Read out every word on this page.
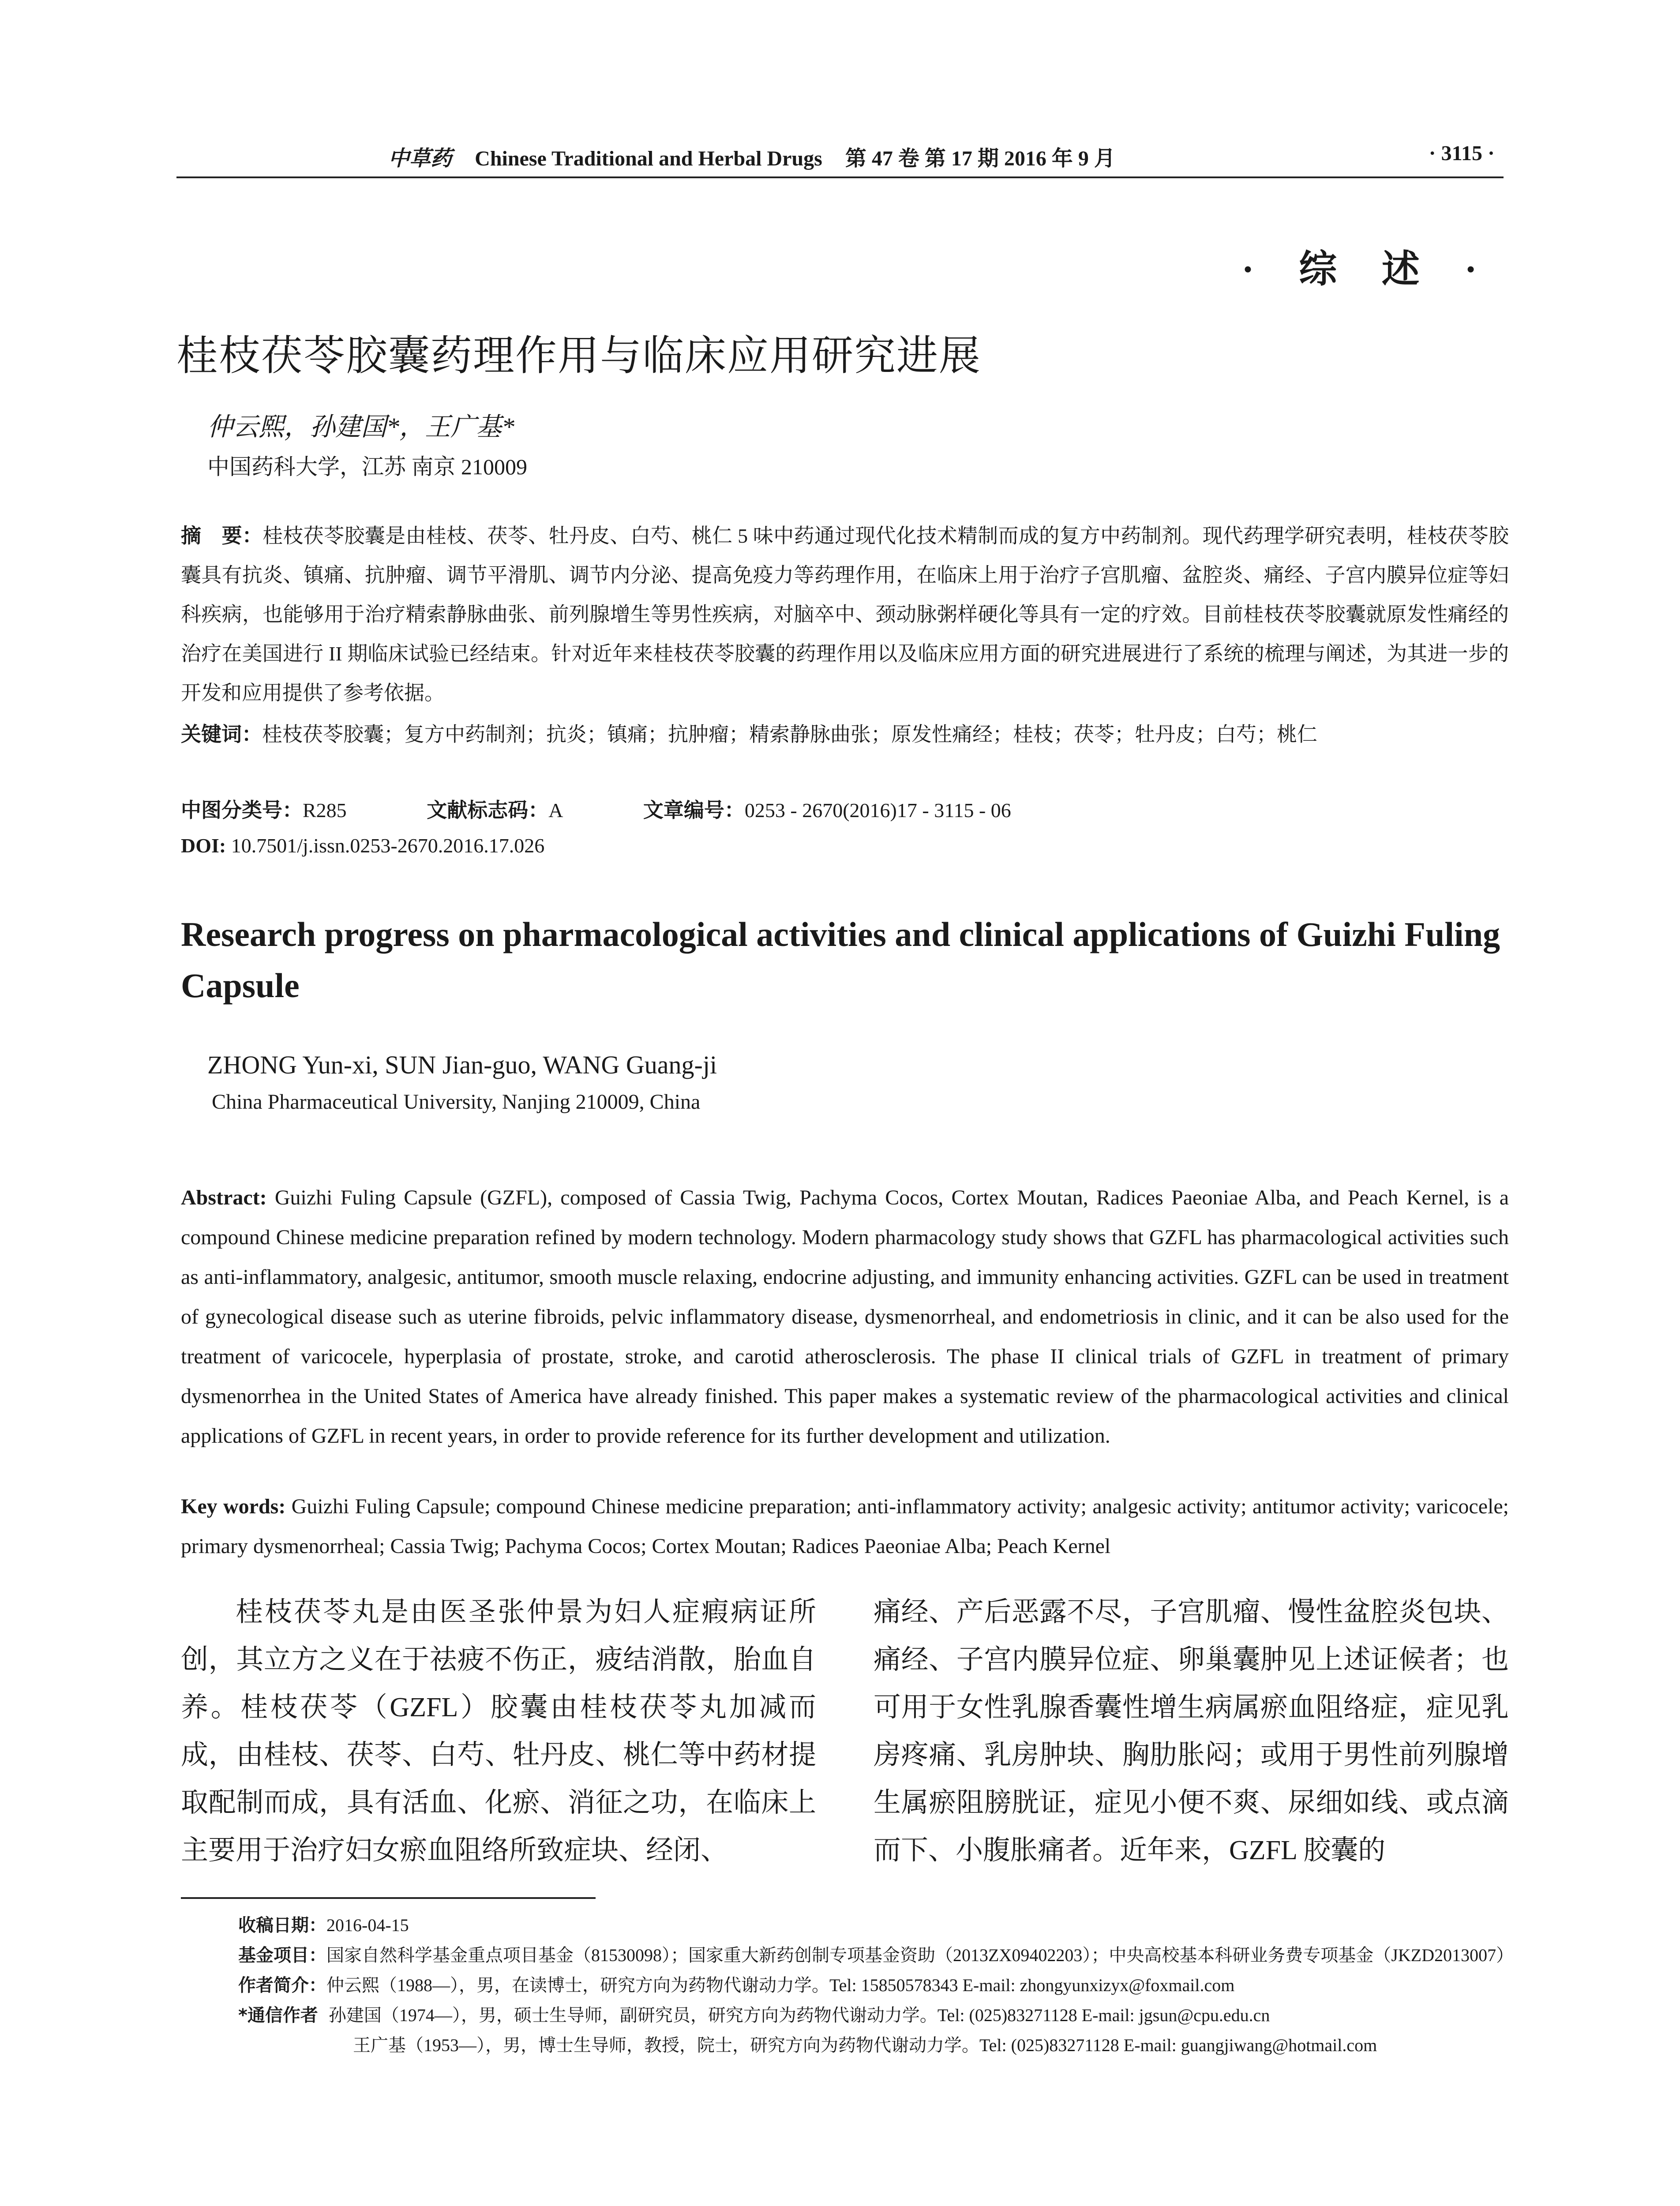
中草药 Chinese Traditional and Herbal Drugs 第 47 卷 第 17 期 2016 年 9 月	· 3115 ·
· 综 述 ·
桂枝茯苓胶囊药理作用与临床应用研究进展
仲云熙，孙建国*，王广基*
中国药科大学，江苏 南京 210009
摘　要：桂枝茯苓胶囊是由桂枝、茯苓、牡丹皮、白芍、桃仁 5 味中药通过现代化技术精制而成的复方中药制剂。现代药理学研究表明，桂枝茯苓胶囊具有抗炎、镇痛、抗肿瘤、调节平滑肌、调节内分泌、提高免疫力等药理作用，在临床上用于治疗子宫肌瘤、盆腔炎、痛经、子宫内膜异位症等妇科疾病，也能够用于治疗精索静脉曲张、前列腺增生等男性疾病，对脑卒中、颈动脉粥样硬化等具有一定的疗效。目前桂枝茯苓胶囊就原发性痛经的治疗在美国进行 II 期临床试验已经结束。针对近年来桂枝茯苓胶囊的药理作用以及临床应用方面的研究进展进行了系统的梳理与阐述，为其进一步的开发和应用提供了参考依据。
关键词：桂枝茯苓胶囊；复方中药制剂；抗炎；镇痛；抗肿瘤；精索静脉曲张；原发性痛经；桂枝；茯苓；牡丹皮；白芍；桃仁
中图分类号：R285	文献标志码：A	文章编号：0253 - 2670(2016)17 - 3115 - 06
DOI: 10.7501/j.issn.0253-2670.2016.17.026
Research progress on pharmacological activities and clinical applications of Guizhi Fuling Capsule
ZHONG Yun-xi, SUN Jian-guo, WANG Guang-ji
China Pharmaceutical University, Nanjing 210009, China
Abstract: Guizhi Fuling Capsule (GZFL), composed of Cassia Twig, Pachyma Cocos, Cortex Moutan, Radices Paeoniae Alba, and Peach Kernel, is a compound Chinese medicine preparation refined by modern technology. Modern pharmacology study shows that GZFL has pharmacological activities such as anti-inflammatory, analgesic, antitumor, smooth muscle relaxing, endocrine adjusting, and immunity enhancing activities. GZFL can be used in treatment of gynecological disease such as uterine fibroids, pelvic inflammatory disease, dysmenorrheal, and endometriosis in clinic, and it can be also used for the treatment of varicocele, hyperplasia of prostate, stroke, and carotid atherosclerosis. The phase II clinical trials of GZFL in treatment of primary dysmenorrhea in the United States of America have already finished. This paper makes a systematic review of the pharmacological activities and clinical applications of GZFL in recent years, in order to provide reference for its further development and utilization.
Key words: Guizhi Fuling Capsule; compound Chinese medicine preparation; anti-inflammatory activity; analgesic activity; antitumor activity; varicocele; primary dysmenorrheal; Cassia Twig; Pachyma Cocos; Cortex Moutan; Radices Paeoniae Alba; Peach Kernel
桂枝茯苓丸是由医圣张仲景为妇人症瘕病证所创，其立方之义在于祛疲不伤正，疲结消散，胎血自养。桂枝茯苓（GZFL）胶囊由桂枝茯苓丸加减而成，由桂枝、茯苓、白芍、牡丹皮、桃仁等中药材提取配制而成，具有活血、化瘀、消征之功，在临床上主要用于治疗妇女瘀血阻络所致症块、经闭、
痛经、产后恶露不尽，子宫肌瘤、慢性盆腔炎包块、痛经、子宫内膜异位症、卵巢囊肿见上述证候者；也可用于女性乳腺香囊性增生病属瘀血阻络症，症见乳房疼痛、乳房肿块、胸肋胀闷；或用于男性前列腺增生属瘀阻膀胱证，症见小便不爽、尿细如线、或点滴而下、小腹胀痛者。近年来，GZFL 胶囊的
收稿日期： 2016-04-15
基金项目： 国家自然科学基金重点项目基金（81530098）；国家重大新药创制专项基金资助（2013ZX09402203）；中央高校基本科研业务费专项基金（JKZD2013007）
作者简介： 仲云熙（1988—），男，在读博士，研究方向为药物代谢动力学。Tel: 15850578343 E-mail: zhongyunxizyx@foxmail.com
*通信作者 孙建国（1974—），男，硕士生导师，副研究员，研究方向为药物代谢动力学。Tel: (025)83271128 E-mail: jgsun@cpu.edu.cn
王广基（1953—），男，博士生导师，教授，院士，研究方向为药物代谢动力学。Tel: (025)83271128 E-mail: guangjiwang@hotmail.com
